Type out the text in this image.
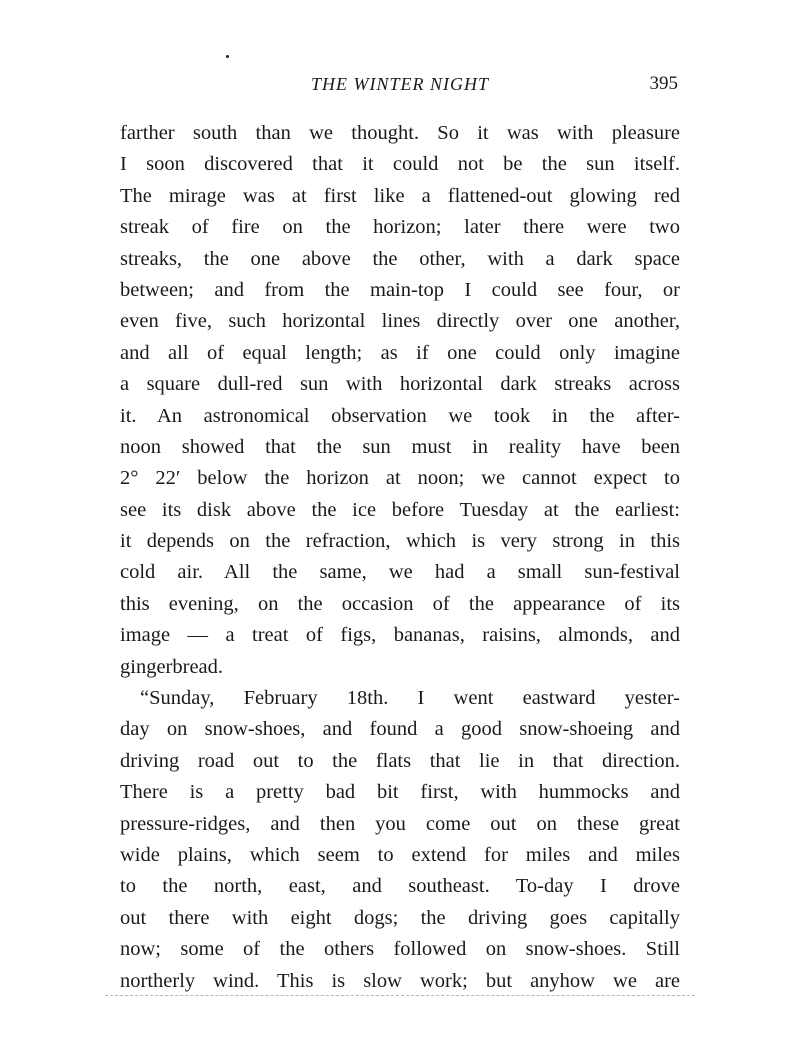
THE WINTER NIGHT	395
farther south than we thought. So it was with pleasure
I soon discovered that it could not be the sun itself.
The mirage was at first like a flattened-out glowing red
streak of fire on the horizon; later there were two
streaks, the one above the other, with a dark space
between; and from the main-top I could see four, or
even five, such horizontal lines directly over one another,
and all of equal length; as if one could only imagine
a square dull-red sun with horizontal dark streaks across
it. An astronomical observation we took in the after-
noon showed that the sun must in reality have been
2° 22′ below the horizon at noon; we cannot expect to
see its disk above the ice before Tuesday at the earliest:
it depends on the refraction, which is very strong in this
cold air. All the same, we had a small sun-festival
this evening, on the occasion of the appearance of its
image — a treat of figs, bananas, raisins, almonds, and
gingerbread.
“Sunday, February 18th. I went eastward yester-
day on snow-shoes, and found a good snow-shoeing and
driving road out to the flats that lie in that direction.
There is a pretty bad bit first, with hummocks and
pressure-ridges, and then you come out on these great
wide plains, which seem to extend for miles and miles
to the north, east, and southeast. To-day I drove
out there with eight dogs; the driving goes capitally
now; some of the others followed on snow-shoes. Still
northerly wind. This is slow work; but anyhow we are
